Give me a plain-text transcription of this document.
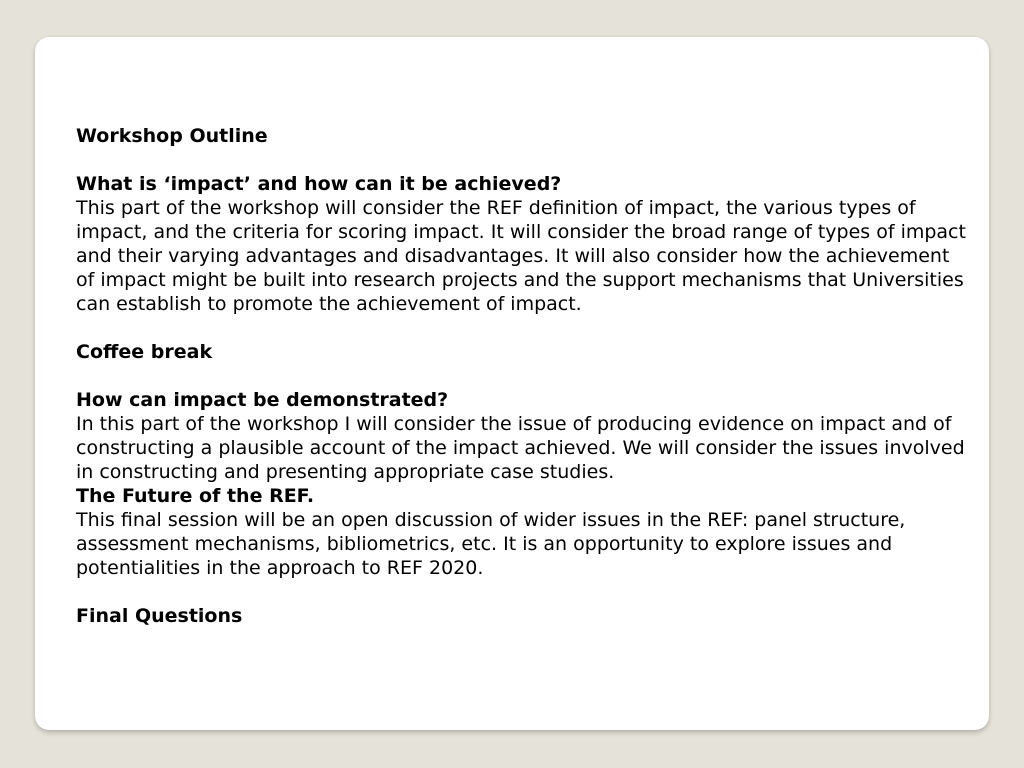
Workshop Outline

What is ‘impact’ and how can it be achieved?

This part of the workshop will consider the REF definition of impact, the various types of impact, and the criteria for scoring impact. It will consider the broad range of types of impact and their varying advantages and disadvantages. It will also consider how the achievement of impact might be built into research projects and the support mechanisms that Universities can establish to promote the achievement of impact.

Coffee break

How can impact be demonstrated?

In this part of the workshop I will consider the issue of producing evidence on impact and of constructing a plausible account of the impact achieved. We will consider the issues involved in constructing and presenting appropriate case studies.

The Future of the REF.

This final session will be an open discussion of wider issues in the REF: panel structure, assessment mechanisms, bibliometrics, etc. It is an opportunity to explore issues and potentialities in the approach to REF 2020.

Final Questions
